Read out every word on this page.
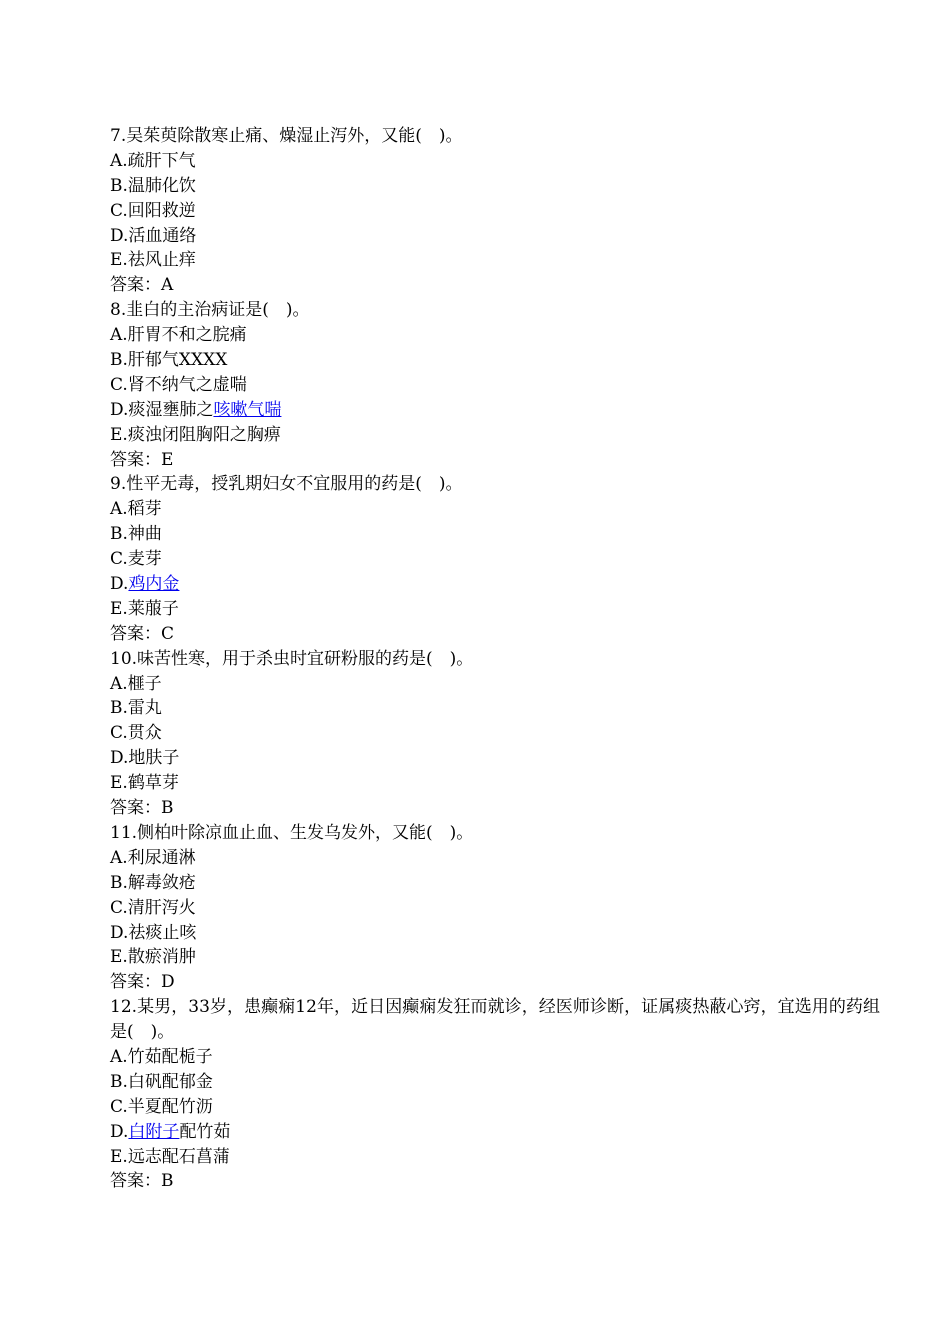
7.吴茱萸除散寒止痛、燥湿止泻外，又能(　)。
A.疏肝下气
B.温肺化饮
C.回阳救逆
D.活血通络
E.祛风止痒
答案：A
8.韭白的主治病证是(　)。
A.肝胃不和之脘痛
B.肝郁气XXXX
C.肾不纳气之虚喘
D.痰湿壅肺之咳嗽气喘
E.痰浊闭阻胸阳之胸痹
答案：E
9.性平无毒，授乳期妇女不宜服用的药是(　)。
A.稻芽
B.神曲
C.麦芽
D.鸡内金
E.莱菔子
答案：C
10.味苦性寒，用于杀虫时宜研粉服的药是(　)。
A.榧子
B.雷丸
C.贯众
D.地肤子
E.鹤草芽
答案：B
11.侧柏叶除凉血止血、生发乌发外，又能(　)。
A.利尿通淋
B.解毒敛疮
C.清肝泻火
D.祛痰止咳
E.散瘀消肿
答案：D
12.某男，33岁，患癫痫12年，近日因癫痫发狂而就诊，经医师诊断，证属痰热蔽心窍，宜选用的药组是(　)。
A.竹茹配栀子
B.白矾配郁金
C.半夏配竹沥
D.白附子配竹茹
E.远志配石菖蒲
答案：B
